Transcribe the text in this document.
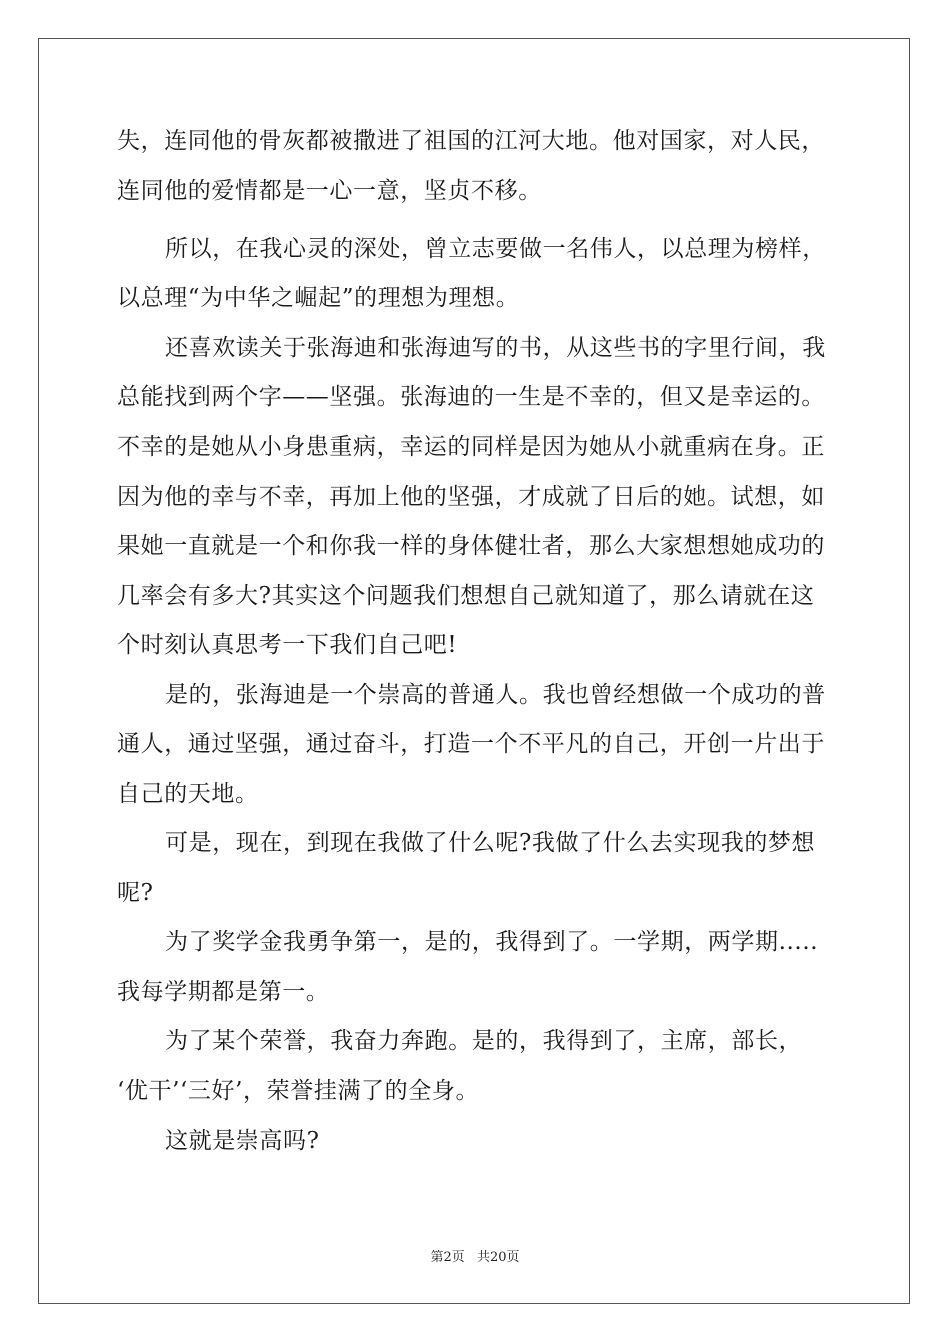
失，连同他的骨灰都被撒进了祖国的江河大地。他对国家，对人民，
连同他的爱情都是一心一意，坚贞不移。
所以，在我心灵的深处，曾立志要做一名伟人，以总理为榜样，
以总理“为中华之崛起”的理想为理想。
还喜欢读关于张海迪和张海迪写的书，从这些书的字里行间，我
总能找到两个字——坚强。张海迪的一生是不幸的，但又是幸运的。
不幸的是她从小身患重病，幸运的同样是因为她从小就重病在身。正
因为他的幸与不幸，再加上他的坚强，才成就了日后的她。试想，如
果她一直就是一个和你我一样的身体健壮者，那么大家想想她成功的
几率会有多大?其实这个问题我们想想自己就知道了，那么请就在这
个时刻认真思考一下我们自己吧!
是的，张海迪是一个崇高的普通人。我也曾经想做一个成功的普
通人，通过坚强，通过奋斗，打造一个不平凡的自己，开创一片出于
自己的天地。
可是，现在，到现在我做了什么呢?我做了什么去实现我的梦想
呢?
为了奖学金我勇争第一，是的，我得到了。一学期，两学期.....
我每学期都是第一。
为了某个荣誉，我奋力奔跑。是的，我得到了，主席，部长，
‘优干’‘三好’，荣誉挂满了的全身。
这就是崇高吗?
第2页 共20页
